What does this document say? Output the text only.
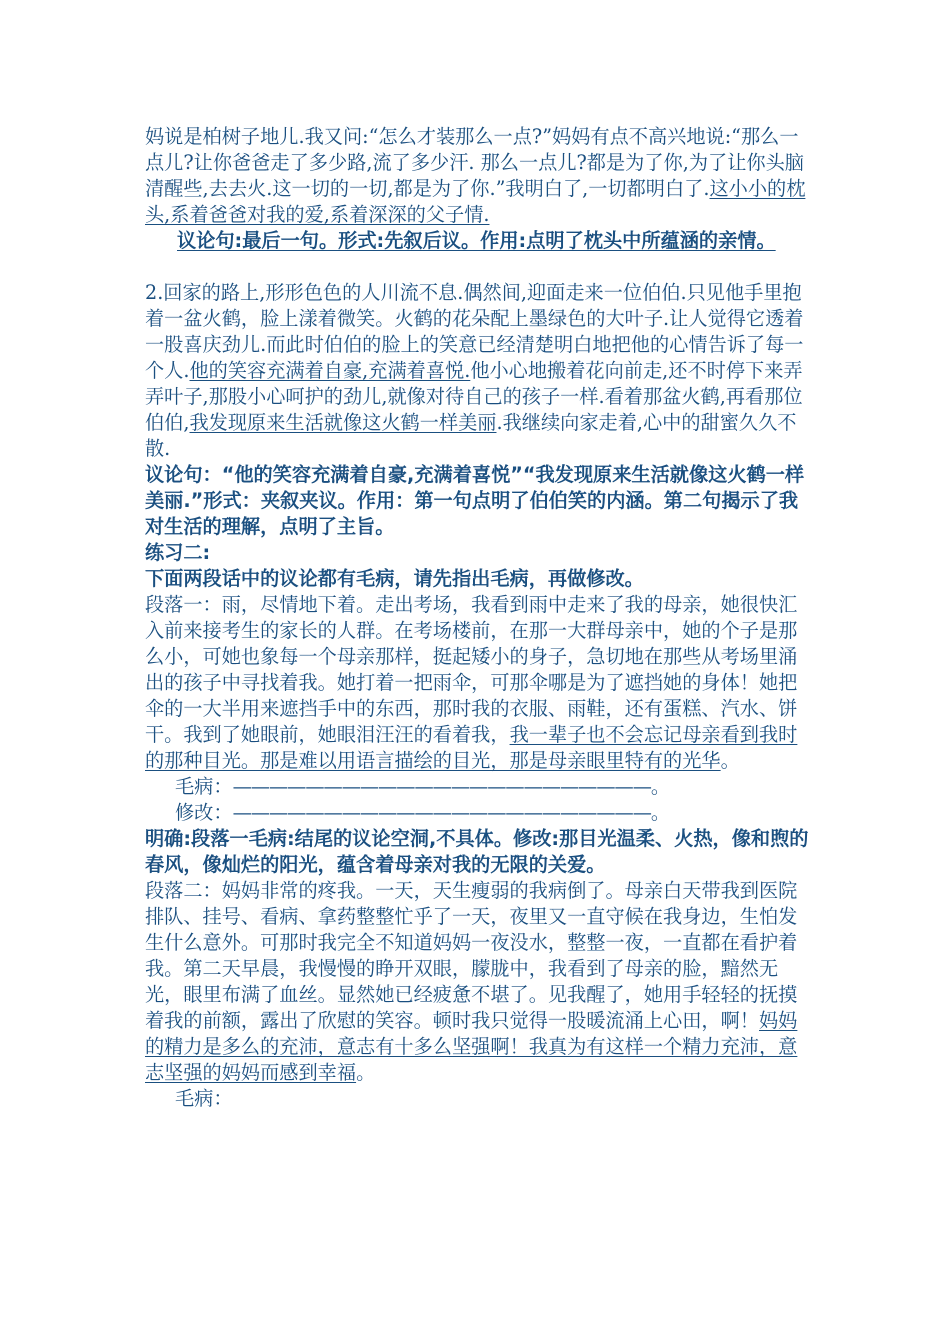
妈说是柏树子地儿.我又问:“怎么才装那么一点?”妈妈有点不高兴地说:“那么一点儿?让你爸爸走了多少路,流了多少汗. 那么一点儿?都是为了你,为了让你头脑清醒些,去去火.这一切的一切,都是为了你.”我明白了,一切都明白了.这小小的枕头,系着爸爸对我的爱,系着深深的父子情.

议论句:最后一句。形式:先叙后议。作用:点明了枕头中所蕴涵的亲情。

2.回家的路上,形形色色的人川流不息.偶然间,迎面走来一位伯伯.只见他手里抱着一盆火鹤，脸上漾着微笑。火鹤的花朵配上墨绿色的大叶子.让人觉得它透着一股喜庆劲儿.而此时伯伯的脸上的笑意已经清楚明白地把他的心情告诉了每一个人.他的笑容充满着自豪,充满着喜悦.他小心地搬着花向前走,还不时停下来弄弄叶子,那股小心呵护的劲儿,就像对待自己的孩子一样.看着那盆火鹤,再看那位伯伯,我发现原来生活就像这火鹤一样美丽.我继续向家走着,心中的甜蜜久久不散.

议论句：“他的笑容充满着自豪,充满着喜悦”“我发现原来生活就像这火鹤一样美丽.”形式：夹叙夹议。作用：第一句点明了伯伯笑的内涵。第二句揭示了我对生活的理解，点明了主旨。

练习二:

下面两段话中的议论都有毛病，请先指出毛病，再做修改。

段落一：雨，尽情地下着。走出考场，我看到雨中走来了我的母亲，她很快汇入前来接考生的家长的人群。在考场楼前，在那一大群母亲中，她的个子是那么小，可她也象每一个母亲那样，挺起矮小的身子，急切地在那些从考场里涌出的孩子中寻找着我。她打着一把雨伞，可那伞哪是为了遮挡她的身体！她把伞的一大半用来遮挡手中的东西，那时我的衣服、雨鞋，还有蛋糕、汽水、饼干。我到了她眼前，她眼泪汪汪的看着我，我一辈子也不会忘记母亲看到我时的那种目光。那是难以用语言描绘的目光，那是母亲眼里特有的光华。

毛病：———————————————————————。

修改：———————————————————————。

明确:段落一毛病:结尾的议论空洞,不具体。修改:那目光温柔、火热，像和煦的春风，像灿烂的阳光，蕴含着母亲对我的无限的关爱。

段落二：妈妈非常的疼我。一天，天生瘦弱的我病倒了。母亲白天带我到医院排队、挂号、看病、拿药整整忙乎了一天，夜里又一直守候在我身边，生怕发生什么意外。可那时我完全不知道妈妈一夜没水，整整一夜，一直都在看护着我。第二天早晨，我慢慢的睁开双眼，朦胧中，我看到了母亲的脸，黯然无光，眼里布满了血丝。显然她已经疲惫不堪了。见我醒了，她用手轻轻的抚摸着我的前额，露出了欣慰的笑容。顿时我只觉得一股暖流涌上心田，啊！妈妈的精力是多么的充沛，意志有十多么坚强啊！我真为有这样一个精力充沛，意志坚强的妈妈而感到幸福。

毛病：
